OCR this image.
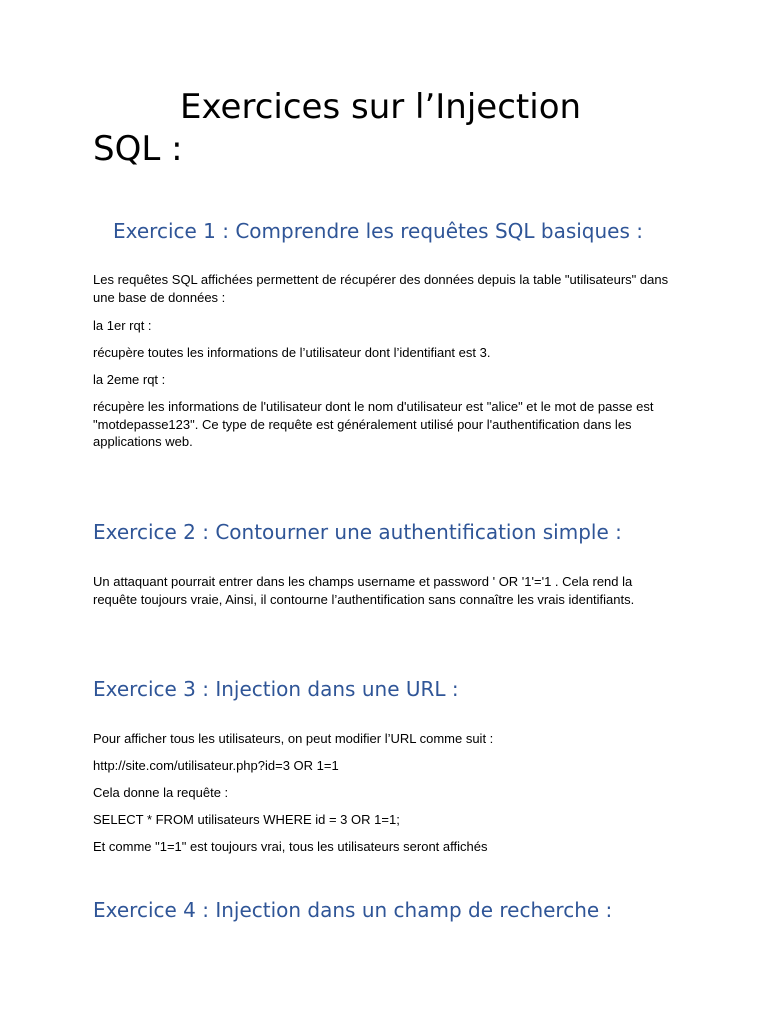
Exercices sur l’Injection
SQL :
Exercice 1 : Comprendre les requêtes SQL basiques :

Les requêtes SQL affichées permettent de récupérer des données depuis la table "utilisateurs" dans une base de données :

la 1er rqt :

récupère toutes les informations de l’utilisateur dont l’identifiant est 3.

la 2eme rqt :

récupère les informations de l'utilisateur dont le nom d'utilisateur est "alice" et le mot de passe est "motdepasse123". Ce type de requête est généralement utilisé pour l'authentification dans les applications web.

Exercice 2 : Contourner une authentification simple :

Un attaquant pourrait entrer dans les champs username et password ' OR '1'='1 . Cela rend la requête toujours vraie, Ainsi, il contourne l’authentification sans connaître les vrais identifiants.

Exercice 3 : Injection dans une URL :

Pour afficher tous les utilisateurs, on peut modifier l’URL comme suit :

http://site.com/utilisateur.php?id=3 OR 1=1

Cela donne la requête :

SELECT * FROM utilisateurs WHERE id = 3 OR 1=1;

Et comme "1=1" est toujours vrai, tous les utilisateurs seront affichés

Exercice 4 : Injection dans un champ de recherche :
